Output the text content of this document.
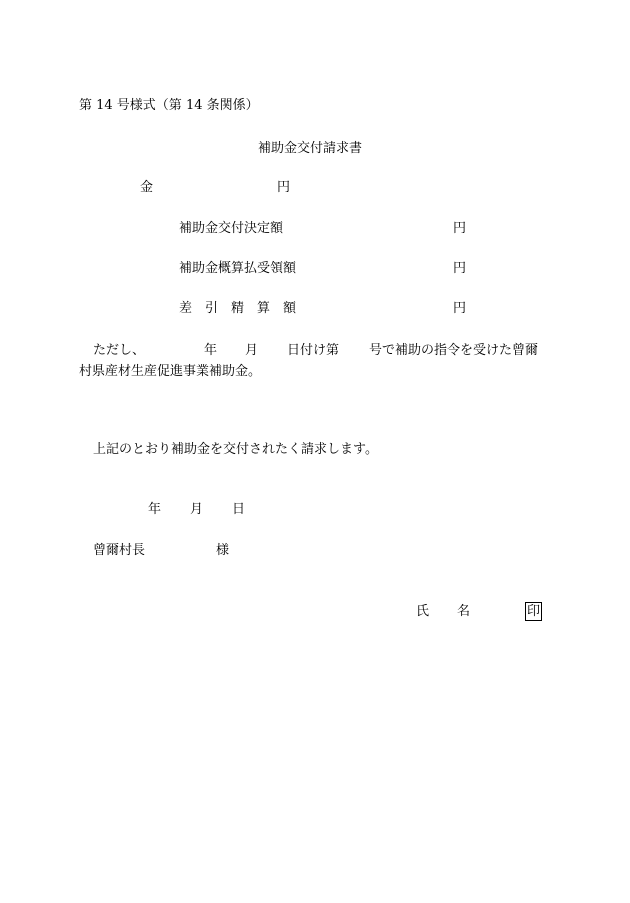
第 14 号様式（第 14 条関係）
補助金交付請求書
金	円
補助金交付決定額	円
補助金概算払受領額	円
差　引　精　算　額	円
ただし、	年 月 日付け第 号で補助の指令を受けた曾爾
村県産材生産促進事業補助金。
上記のとおり補助金を交付されたく請求します。
年 月 日
曾爾村長	様
氏 名	印
